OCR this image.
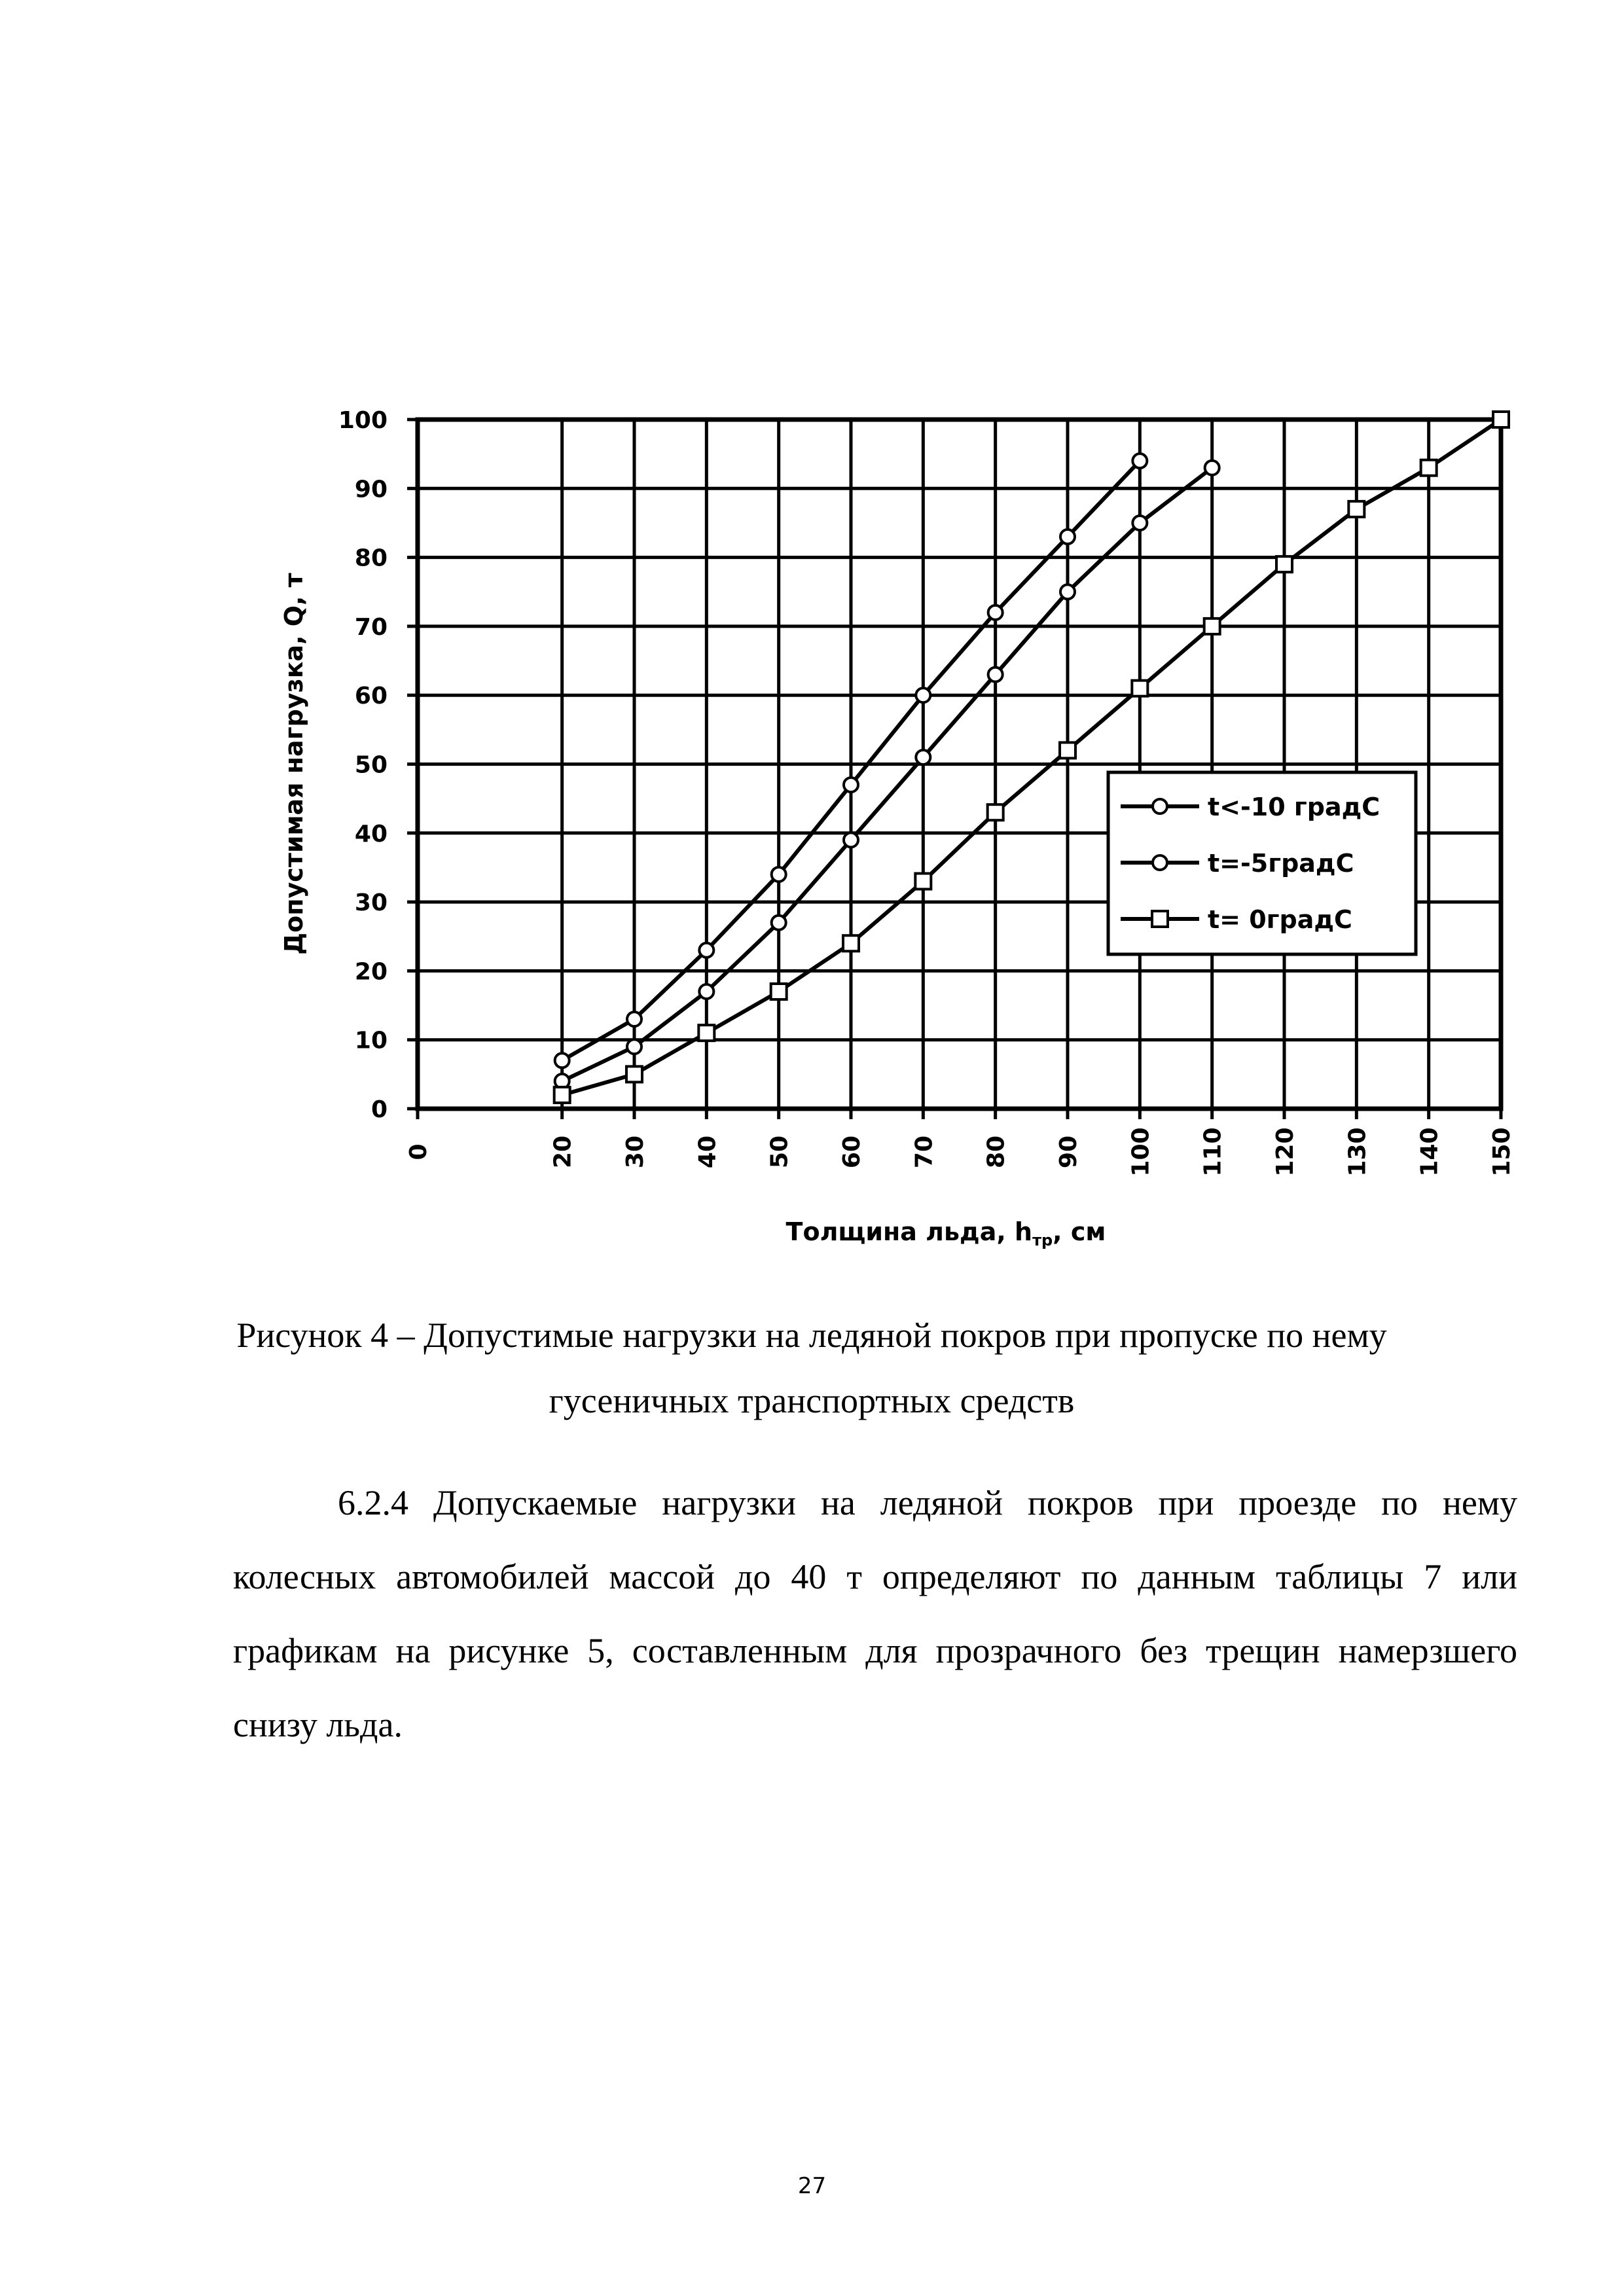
0	20 30 40 50 60 70 80 90 100 110 120 130 140 150
0
10
20
30
40
50
60
70
80
90
100
t<-10 градС
t=-5градС
t= 0градС
Допустимая нагрузка, Q, т
Толщина льда, $h_{тр}$, см
Рисунок 4 – Допустимые нагрузки на ледяной покров при пропуске по нему
гусеничных транспортных средств
6.2.4 Допускаемые нагрузки на ледяной покров при проезде по нему колесных автомобилей массой до 40 т определяют по данным таблицы 7 или графикам на рисунке 5, составленным для прозрачного без трещин намерзшего снизу льда.
27
